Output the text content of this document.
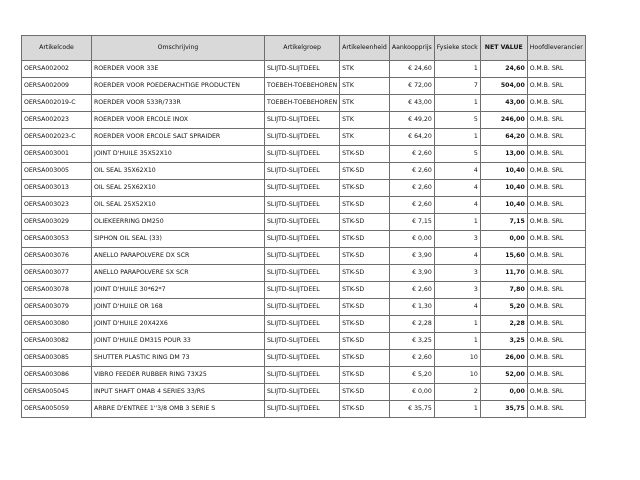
Artikelcode	Omschrijving	Artikelgroep	Artikeleenheid	Aankoopprijs	Fysieke stock	NET VALUE	Hoofdleverancier
OERSA002002	ROERDER VOOR 33E	SLIJTD-SLIJTDEEL	STK	€ 24,60	1	24,60	O.M.B. SRL
OERSA002009	ROERDER VOOR POEDERACHTIGE PRODUCTEN	TOEBEH-TOEBEHOREN	STK	€ 72,00	7	504,00	O.M.B. SRL
OERSA002019-C	ROERDER VOOR 533R/733R	TOEBEH-TOEBEHOREN	STK	€ 43,00	1	43,00	O.M.B. SRL
OERSA002023	ROERDER VOOR ERCOLE INOX	SLIJTD-SLIJTDEEL	STK	€ 49,20	5	246,00	O.M.B. SRL
OERSA002023-C	ROERDER VOOR ERCOLE SALT SPRAIDER	SLIJTD-SLIJTDEEL	STK	€ 64,20	1	64,20	O.M.B. SRL
OERSA003001	JOINT D'HUILE 35X52X10	SLIJTD-SLIJTDEEL	STK-SD	€ 2,60	5	13,00	O.M.B. SRL
OERSA003005	OIL SEAL 35X62X10	SLIJTD-SLIJTDEEL	STK-SD	€ 2,60	4	10,40	O.M.B. SRL
OERSA003013	OIL SEAL 25X62X10	SLIJTD-SLIJTDEEL	STK-SD	€ 2,60	4	10,40	O.M.B. SRL
OERSA003023	OIL SEAL 25X52X10	SLIJTD-SLIJTDEEL	STK-SD	€ 2,60	4	10,40	O.M.B. SRL
OERSA003029	OLIEKEERRING DM250	SLIJTD-SLIJTDEEL	STK-SD	€ 7,15	1	7,15	O.M.B. SRL
OERSA003053	SIPHON OIL SEAL (33)	SLIJTD-SLIJTDEEL	STK-SD	€ 0,00	3	0,00	O.M.B. SRL
OERSA003076	ANELLO PARAPOLVERE DX SCR	SLIJTD-SLIJTDEEL	STK-SD	€ 3,90	4	15,60	O.M.B. SRL
OERSA003077	ANELLO PARAPOLVERE SX SCR	SLIJTD-SLIJTDEEL	STK-SD	€ 3,90	3	11,70	O.M.B. SRL
OERSA003078	JOINT D'HUILE 30*62*7	SLIJTD-SLIJTDEEL	STK-SD	€ 2,60	3	7,80	O.M.B. SRL
OERSA003079	JOINT D'HUILE OR 168	SLIJTD-SLIJTDEEL	STK-SD	€ 1,30	4	5,20	O.M.B. SRL
OERSA003080	JOINT D'HUILE 20X42X6	SLIJTD-SLIJTDEEL	STK-SD	€ 2,28	1	2,28	O.M.B. SRL
OERSA003082	JOINT D'HUILE DM315 POUR 33	SLIJTD-SLIJTDEEL	STK-SD	€ 3,25	1	3,25	O.M.B. SRL
OERSA003085	SHUTTER PLASTIC RING DM 73	SLIJTD-SLIJTDEEL	STK-SD	€ 2,60	10	26,00	O.M.B. SRL
OERSA003086	VIBRO FEEDER RUBBER RING 73X25	SLIJTD-SLIJTDEEL	STK-SD	€ 5,20	10	52,00	O.M.B. SRL
OERSA005045	INPUT SHAFT OMAB 4 SERIES 33/RS	SLIJTD-SLIJTDEEL	STK-SD	€ 0,00	2	0,00	O.M.B. SRL
OERSA005059	ARBRE D'ENTREE 1''3/8 OMB 3 SERIE S	SLIJTD-SLIJTDEEL	STK-SD	€ 35,75	1	35,75	O.M.B. SRL
